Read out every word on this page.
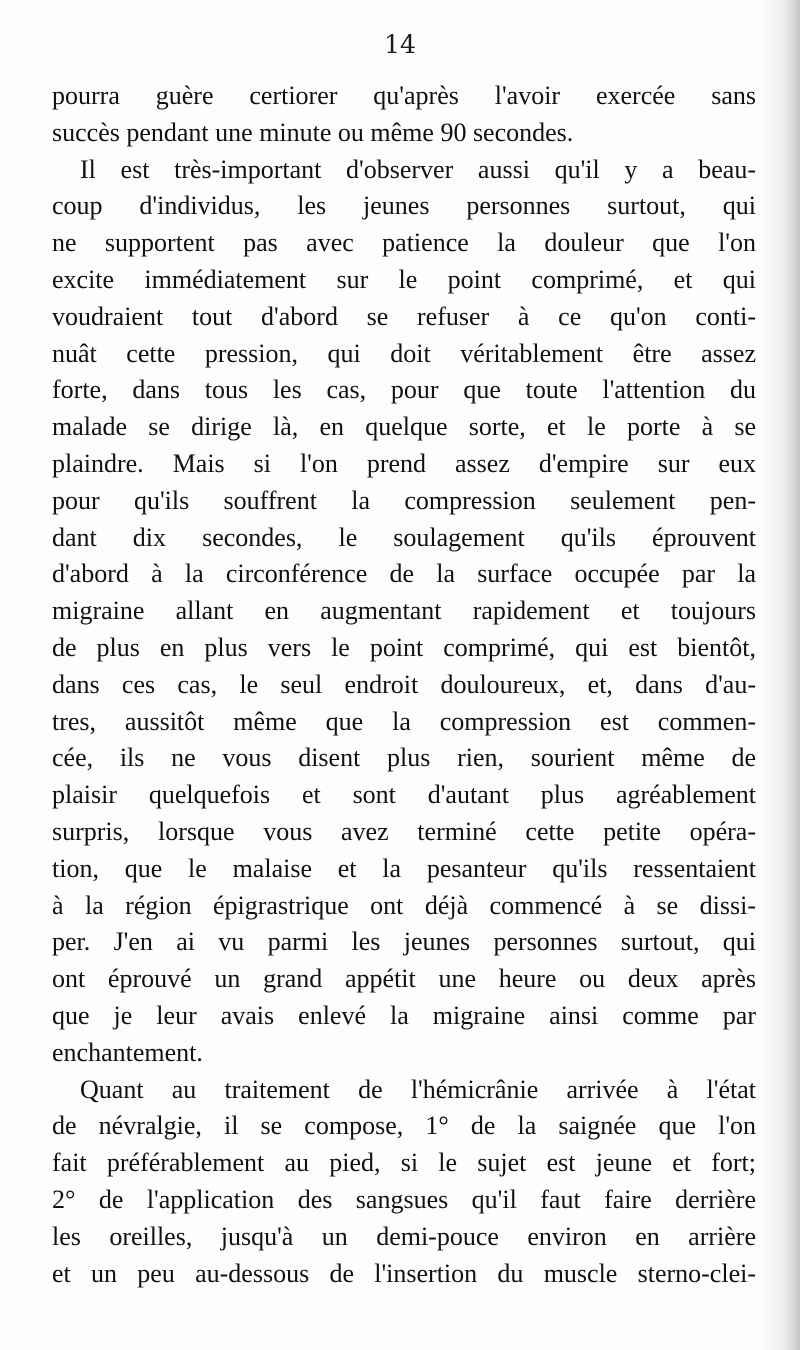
14
pourra guère certiorer qu'après l'avoir exercée sans
succès pendant une minute ou même 90 secondes.
Il est très-important d'observer aussi qu'il y a beau-
coup d'individus, les jeunes personnes surtout, qui
ne supportent pas avec patience la douleur que l'on
excite immédiatement sur le point comprimé, et qui
voudraient tout d'abord se refuser à ce qu'on conti-
nuât cette pression, qui doit véritablement être assez
forte, dans tous les cas, pour que toute l'attention du
malade se dirige là, en quelque sorte, et le porte à se
plaindre. Mais si l'on prend assez d'empire sur eux
pour qu'ils souffrent la compression seulement pen-
dant dix secondes, le soulagement qu'ils éprouvent
d'abord à la circonférence de la surface occupée par la
migraine allant en augmentant rapidement et toujours
de plus en plus vers le point comprimé, qui est bientôt,
dans ces cas, le seul endroit douloureux, et, dans d'au-
tres, aussitôt même que la compression est commen-
cée, ils ne vous disent plus rien, sourient même de
plaisir quelquefois et sont d'autant plus agréablement
surpris, lorsque vous avez terminé cette petite opéra-
tion, que le malaise et la pesanteur qu'ils ressentaient
à la région épigrastrique ont déjà commencé à se dissi-
per. J'en ai vu parmi les jeunes personnes surtout, qui
ont éprouvé un grand appétit une heure ou deux après
que je leur avais enlevé la migraine ainsi comme par
enchantement.
Quant au traitement de l'hémicrânie arrivée à l'état
de névralgie, il se compose, 1° de la saignée que l'on
fait préférablement au pied, si le sujet est jeune et fort;
2° de l'application des sangsues qu'il faut faire derrière
les oreilles, jusqu'à un demi-pouce environ en arrière
et un peu au-dessous de l'insertion du muscle sterno-clei-
